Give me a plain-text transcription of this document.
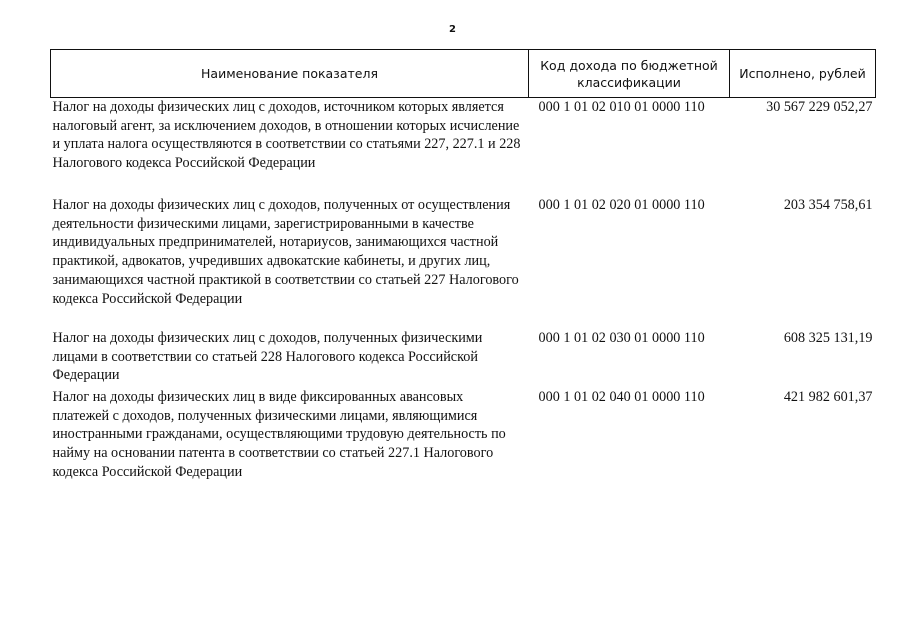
2
Наименование показателя	Код дохода по бюджетной классификации	Исполнено, рублей
Налог на доходы физических лиц с доходов, источником которых является налоговый агент, за исключением доходов, в отношении которых исчисление и уплата налога осуществляются в соответствии со статьями 227, 227.1 и 228 Налогового кодекса Российской Федерации	000 1 01 02 010 01 0000 110	30 567 229 052,27
Налог на доходы физических лиц с доходов, полученных от осуществления деятельности физическими лицами, зарегистрированными в качестве индивидуальных предпринимателей, нотариусов, занимающихся частной практикой, адвокатов, учредивших адвокатские кабинеты, и других лиц, занимающихся частной практикой в соответствии со статьей 227 Налогового кодекса Российской Федерации	000 1 01 02 020 01 0000 110	203 354 758,61
Налог на доходы физических лиц с доходов, полученных физическими лицами в соответствии со статьей 228 Налогового кодекса Российской Федерации	000 1 01 02 030 01 0000 110	608 325 131,19
Налог на доходы физических лиц в виде фиксированных авансовых платежей с доходов, полученных физическими лицами, являющимися иностранными гражданами, осуществляющими трудовую деятельность по найму на основании патента в соответствии со статьей 227.1 Налогового кодекса Российской Федерации	000 1 01 02 040 01 0000 110	421 982 601,37
